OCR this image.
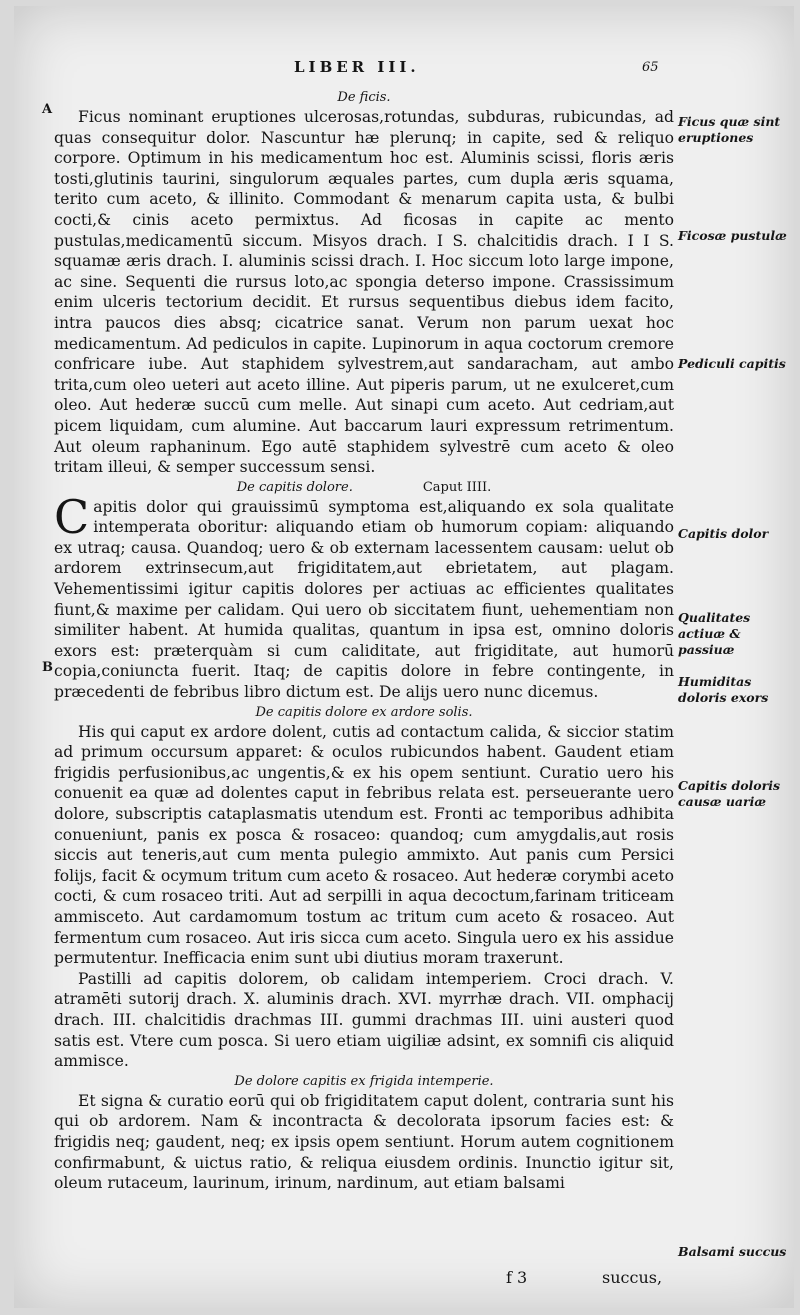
LIBER III.	65
A
B
De ficis.

Ficus nominant eruptiones ulcerosas,rotundas, subduras, rubicundas, ad quas consequitur dolor. Nascuntur hæ plerunq; in capite, sed & reliquo corpore. Optimum in his medicamentum hoc est. Aluminis scissi, floris æris tosti,glutinis taurini, singulorum æquales partes, cum dupla æris squama, terito cum aceto, & illinito. Commodant & menarum capita usta, & bulbi cocti,& cinis aceto permixtus. Ad ficosas in capite ac mento pustulas,medicamentū siccum. Misyos drach. I S. chalcitidis drach. I I S. squamæ æris drach. I. aluminis scissi drach. I. Hoc siccum loto large impone, ac sine. Sequenti die rursus loto,ac spongia deterso impone. Crassissimum enim ulceris tectorium decidit. Et rursus sequentibus diebus idem facito, intra paucos dies absq; cicatrice sanat. Verum non parum uexat hoc medicamentum. Ad pediculos in capite. Lupinorum in aqua coctorum cremore confricare iube. Aut staphidem sylvestrem,aut sandaracham, aut ambo trita,cum oleo ueteri aut aceto illine. Aut piperis parum, ut ne exulceret,cum oleo. Aut hederæ succū cum melle. Aut sinapi cum aceto. Aut cedriam,aut picem liquidam, cum alumine. Aut baccarum lauri expressum retrimentum. Aut oleum raphaninum. Ego autē staphidem sylvestrē cum aceto & oleo tritam illeui, & semper successum sensi.

De capitis dolore.	Caput IIII.

Capitis dolor qui grauissimū symptoma est,aliquando ex sola qualitate intemperata oboritur: aliquando etiam ob humorum copiam: aliquando ex utraq; causa. Quandoq; uero & ob externam lacessentem causam: uelut ob ardorem extrinsecum,aut frigiditatem,aut ebrietatem, aut plagam. Vehementissimi igitur capitis dolores per actiuas ac efficientes qualitates fiunt,& maxime per calidam. Qui uero ob siccitatem fiunt, uehementiam non similiter habent. At humida qualitas, quantum in ipsa est, omnino doloris exors est: præterquàm si cum caliditate, aut frigiditate, aut humorū copia,coniuncta fuerit. Itaq; de capitis dolore in febre contingente, in præcedenti de febribus libro dictum est. De alijs uero nunc dicemus.

De capitis dolore ex ardore solis.

His qui caput ex ardore dolent, cutis ad contactum calida, & siccior statim ad primum occursum apparet: & oculos rubicundos habent. Gaudent etiam frigidis perfusionibus,ac ungentis,& ex his opem sentiunt. Curatio uero his conuenit ea quæ ad dolentes caput in febribus relata est. perseuerante uero dolore, subscriptis cataplasmatis utendum est. Fronti ac temporibus adhibita conueniunt, panis ex posca & rosaceo: quandoq; cum amygdalis,aut rosis siccis aut teneris,aut cum menta pulegio ammixto. Aut panis cum Persici folijs, facit & ocymum tritum cum aceto & rosaceo. Aut hederæ corymbi aceto cocti, & cum rosaceo triti. Aut ad serpilli in aqua decoctum,farinam triticeam ammisceto. Aut cardamomum tostum ac tritum cum aceto & rosaceo. Aut fermentum cum rosaceo. Aut iris sicca cum aceto. Singula uero ex his assidue permutentur. Inefficacia enim sunt ubi diutius moram traxerunt.

Pastilli ad capitis dolorem, ob calidam intemperiem. Croci drach. V. atramēti sutorij drach. X. aluminis drach. XVI. myrrhæ drach. VII. omphacij drach. III. chalcitidis drachmas III. gummi drachmas III. uini austeri quod satis est. Vtere cum posca. Si uero etiam uigiliæ adsint, ex somnifi cis aliquid ammisce.

De dolore capitis ex frigida intemperie.

Et signa & curatio eorū qui ob frigiditatem caput dolent, contraria sunt his qui ob ardorem. Nam & incontracta & decolorata ipsorum facies est: & frigidis neq; gaudent, neq; ex ipsis opem sentiunt. Horum autem cognitionem confirmabunt, & uictus ratio, & reliqua eiusdem ordinis. Inunctio igitur sit, oleum rutaceum, laurinum, irinum, nardinum, aut etiam balsami

Ficus quæ sint eruptiones
Ficosæ pustulæ
Pediculi capitis
Capitis dolor
Qualitates actiuæ & passiuæ
Humiditas doloris exors
Capitis doloris causæ uariæ
Balsami succus
f 3	succus,
